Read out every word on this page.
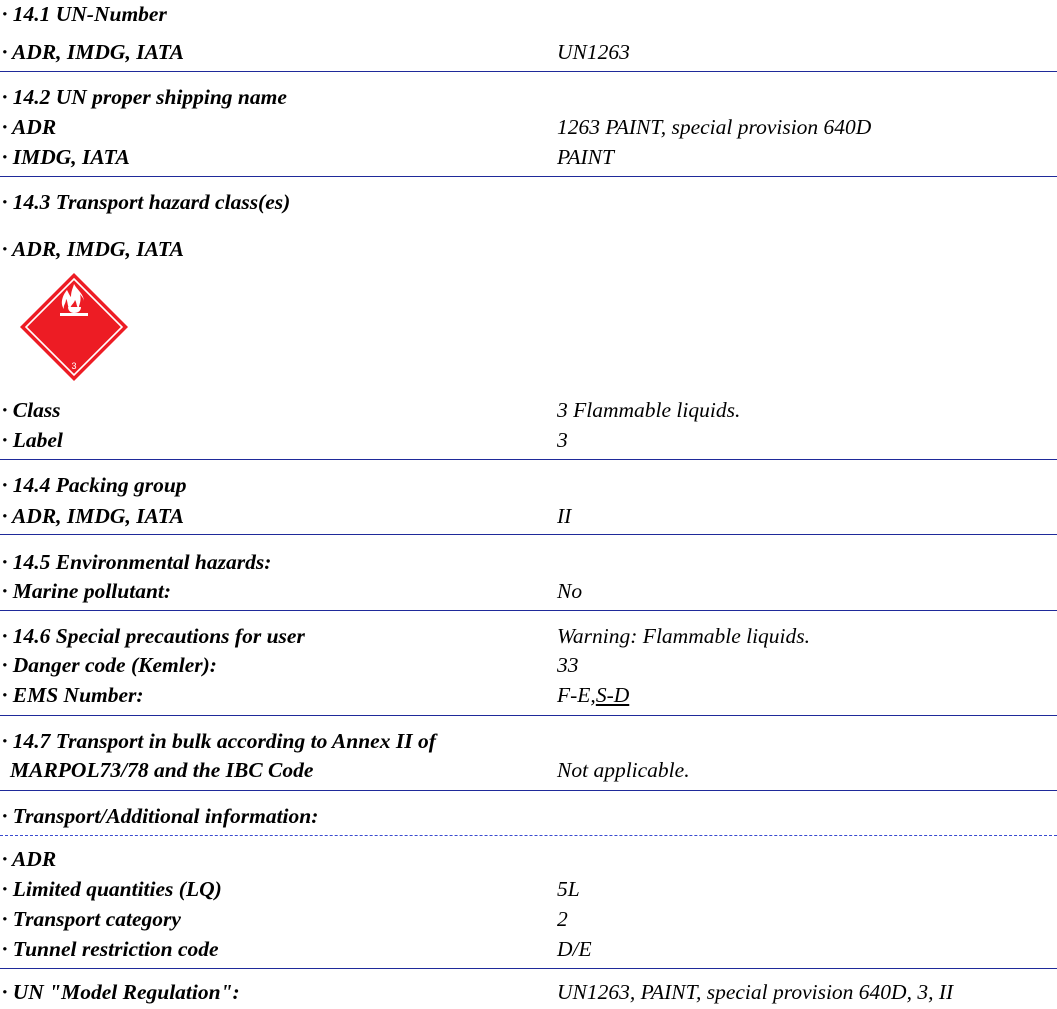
· 14.1 UN-Number
· ADR, IMDG, IATA	UN1263
· 14.2 UN proper shipping name
· ADR	1263 PAINT, special provision 640D
· IMDG, IATA	PAINT
· 14.3 Transport hazard class(es)
· ADR, IMDG, IATA
3
· Class	3 Flammable liquids.
· Label	3
· 14.4 Packing group
· ADR, IMDG, IATA	II
· 14.5 Environmental hazards:
· Marine pollutant:	No
· 14.6 Special precautions for user	Warning: Flammable liquids.
· Danger code (Kemler):	33
· EMS Number:	F-E,S-D
· 14.7 Transport in bulk according to Annex II of
MARPOL73/78 and the IBC Code	Not applicable.
· Transport/Additional information:
· ADR
· Limited quantities (LQ)	5L
· Transport category	2
· Tunnel restriction code	D/E
· UN "Model Regulation":	UN1263, PAINT, special provision 640D, 3, II
